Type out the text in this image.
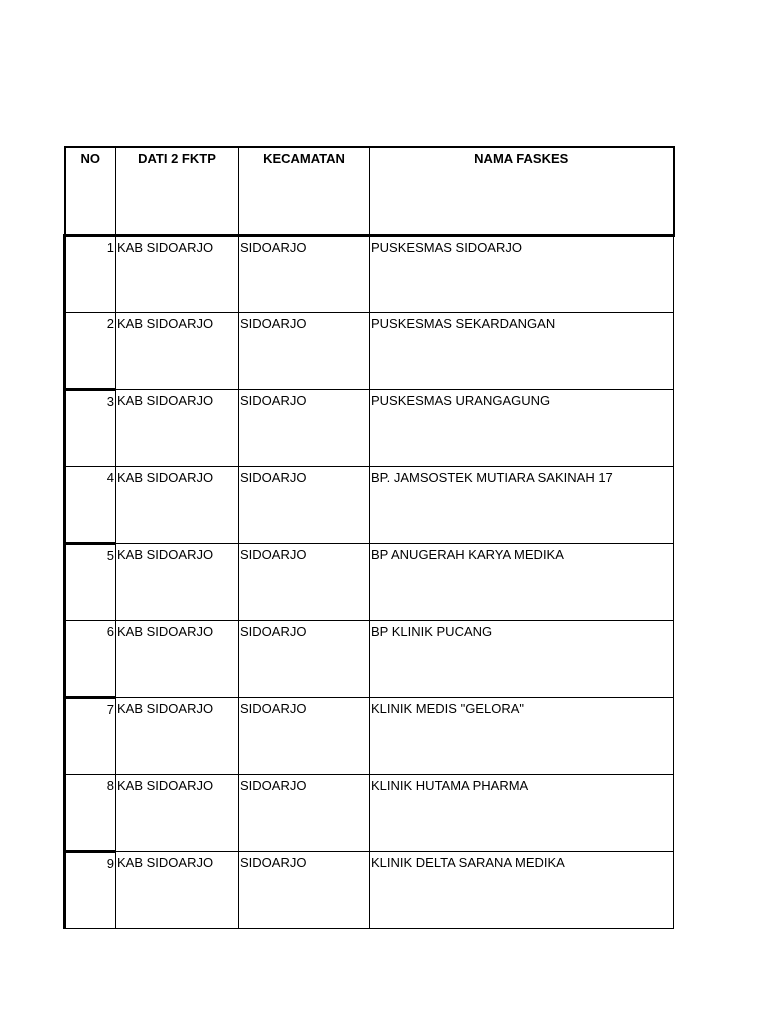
NO	DATI 2 FKTP	KECAMATAN	NAMA FASKES
1	KAB SIDOARJO	SIDOARJO	PUSKESMAS SIDOARJO
2	KAB SIDOARJO	SIDOARJO	PUSKESMAS SEKARDANGAN
3	KAB SIDOARJO	SIDOARJO	PUSKESMAS URANGAGUNG
4	KAB SIDOARJO	SIDOARJO	BP. JAMSOSTEK MUTIARA SAKINAH 17
5	KAB SIDOARJO	SIDOARJO	BP ANUGERAH KARYA MEDIKA
6	KAB SIDOARJO	SIDOARJO	BP KLINIK PUCANG
7	KAB SIDOARJO	SIDOARJO	KLINIK MEDIS "GELORA"
8	KAB SIDOARJO	SIDOARJO	KLINIK HUTAMA PHARMA
9	KAB SIDOARJO	SIDOARJO	KLINIK DELTA SARANA MEDIKA
